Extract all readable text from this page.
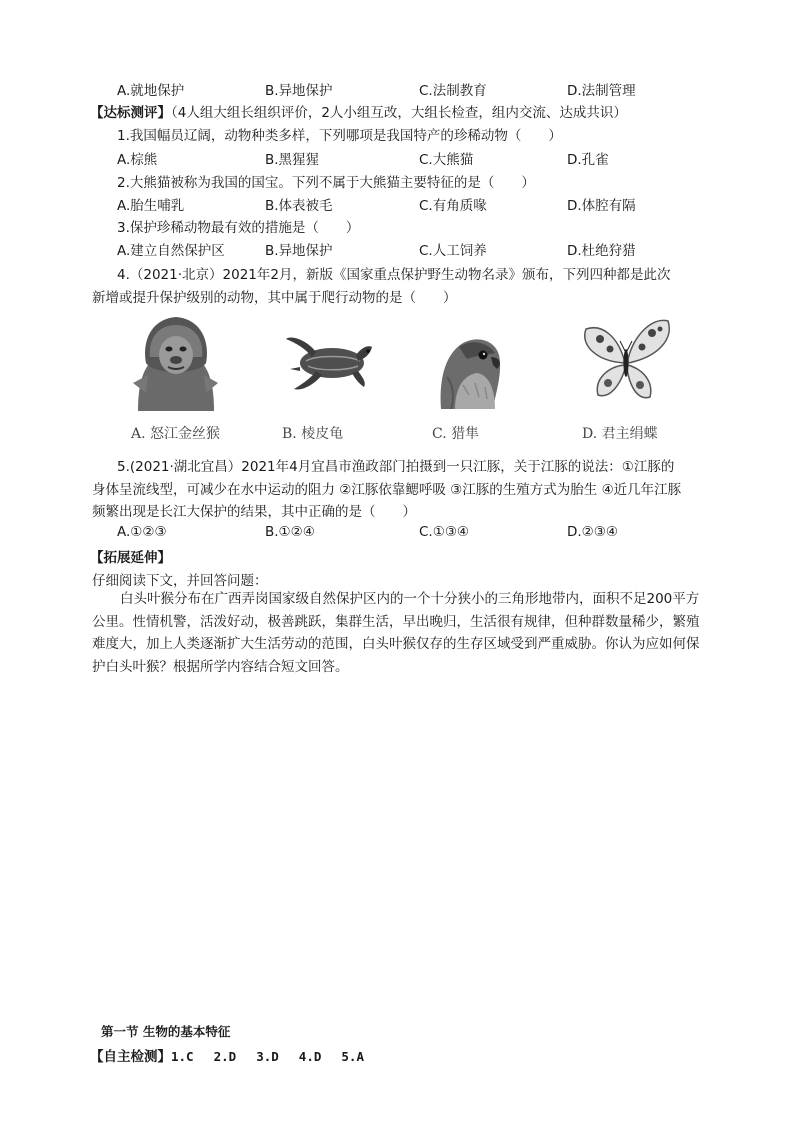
A.就地保护	B.异地保护	C.法制教育	D.法制管理
【达标测评】（4人组大组长组织评价，2人小组互改，大组长检查，组内交流、达成共识）
1.我国幅员辽阔，动物种类多样，下列哪项是我国特产的珍稀动物（　　）
A.棕熊	B.黑猩猩	C.大熊猫	D.孔雀
2.大熊猫被称为我国的国宝。下列不属于大熊猫主要特征的是（　　）
A.胎生哺乳	B.体表被毛	C.有角质喙	D.体腔有隔
3.保护珍稀动物最有效的措施是（　　）
A.建立自然保护区	B.异地保护	C.人工饲养	D.杜绝狩猎
4.（2021·北京）2021年2月，新版《国家重点保护野生动物名录》颁布，下列四种都是此次
新增或提升保护级别的动物，其中属于爬行动物的是（　　）
A. 怒江金丝猴	B. 棱皮龟	C. 猎隼	D. 君主绢蝶
5.(2021·湖北宜昌）2021年4月宜昌市渔政部门拍摄到一只江豚，关于江豚的说法：①江豚的
身体呈流线型，可减少在水中运动的阻力 ②江豚依靠鳃呼吸 ③江豚的生殖方式为胎生 ④近几年江豚
频繁出现是长江大保护的结果，其中正确的是（　　）
A.①②③	B.①②④	C.①③④	D.②③④
【拓展延伸】
仔细阅读下文，并回答问题：
白头叶猴分布在广西弄岗国家级自然保护区内的一个十分狭小的三角形地带内，面积不足200平方公里。性情机警，活泼好动，极善跳跃，集群生活，早出晚归，生活很有规律，但种群数量稀少，繁殖难度大，加上人类逐渐扩大生活劳动的范围，白头叶猴仅存的生存区域受到严重威胁。你认为应如何保护白头叶猴？根据所学内容结合短文回答。
第一节 生物的基本特征
【自主检测】1.C　 2.D　 3.D　 4.D　 5.A
